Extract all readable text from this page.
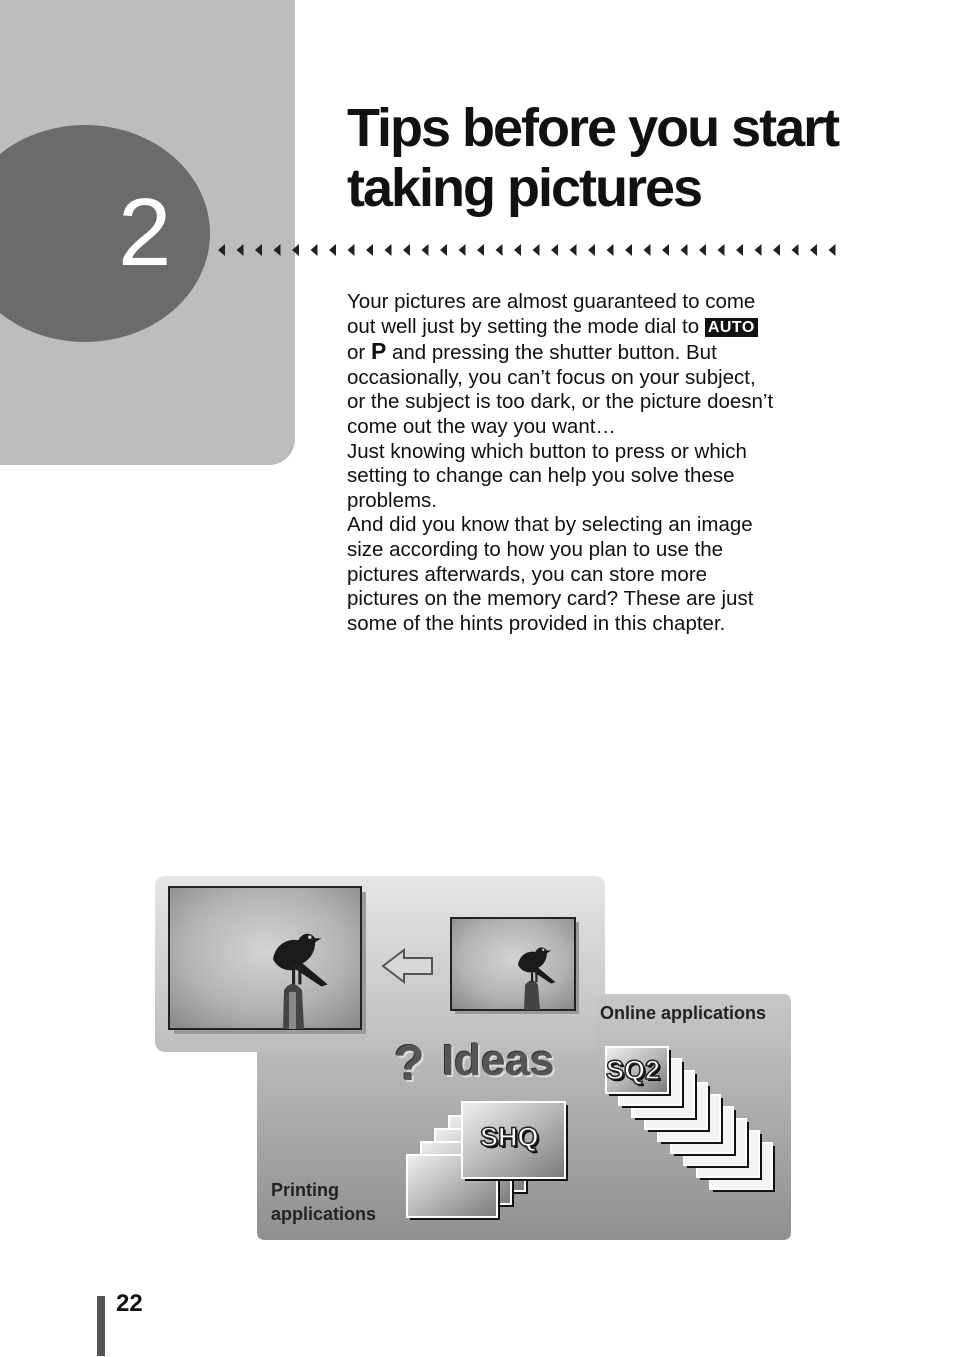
2
Tips before you start
taking pictures

Your pictures are almost guaranteed to come out well just by setting the mode dial to AUTO or P and pressing the shutter button. But occasionally, you can’t focus on your subject, or the subject is too dark, or the picture doesn’t come out the way you want…

Just knowing which button to press or which setting to change can help you solve these problems.

And did you know that by selecting an image size according to how you plan to use the pictures afterwards, you can store more pictures on the memory card? These are just some of the hints provided in this chapter.

Online applications
Printing
applications
? Ideas
SHQ
SQ2
22
